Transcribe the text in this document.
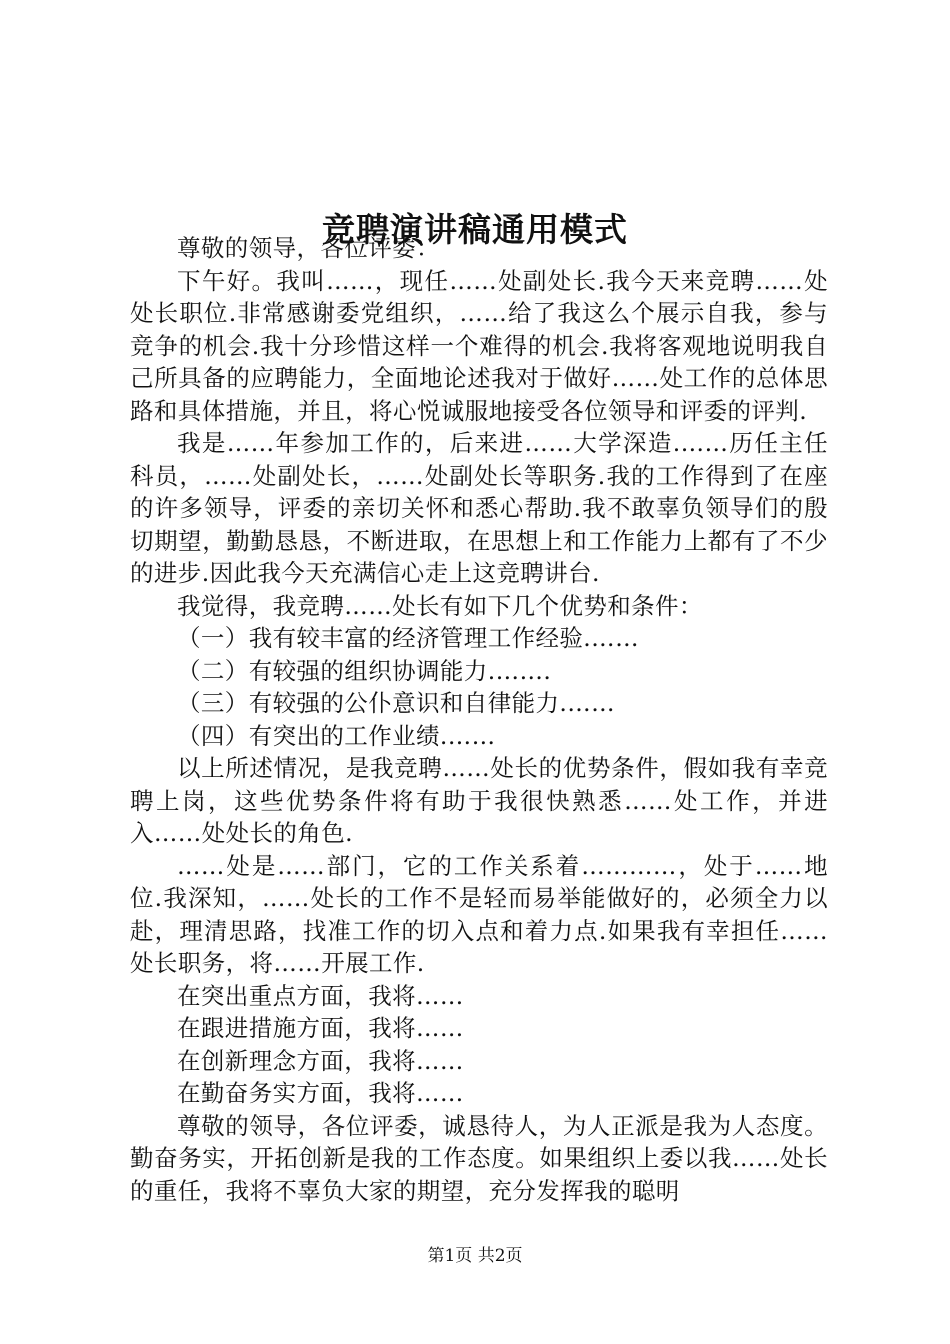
竞聘演讲稿通用模式

尊敬的领导，各位评委：

下午好。我叫……，现任……处副处长.我今天来竞聘……处处长职位.非常感谢委党组织，……给了我这么个展示自我，参与竞争的机会.我十分珍惜这样一个难得的机会.我将客观地说明我自己所具备的应聘能力，全面地论述我对于做好……处工作的总体思路和具体措施，并且，将心悦诚服地接受各位领导和评委的评判.

我是……年参加工作的，后来进……大学深造.……历任主任科员，……处副处长，……处副处长等职务.我的工作得到了在座的许多领导，评委的亲切关怀和悉心帮助.我不敢辜负领导们的殷切期望，勤勤恳恳，不断进取，在思想上和工作能力上都有了不少的进步.因此我今天充满信心走上这竞聘讲台.

我觉得，我竞聘……处长有如下几个优势和条件：

（一）我有较丰富的经济管理工作经验.……

（二）有较强的组织协调能力.…….

（三）有较强的公仆意识和自律能力.……

（四）有突出的工作业绩.……

以上所述情况，是我竞聘……处长的优势条件，假如我有幸竞聘上岗，这些优势条件将有助于我很快熟悉……处工作，并进入……处处长的角色.

……处是……部门，它的工作关系着…………，处于……地位.我深知，……处长的工作不是轻而易举能做好的，必须全力以赴，理清思路，找准工作的切入点和着力点.如果我有幸担任……处长职务，将……开展工作.

在突出重点方面，我将……

在跟进措施方面，我将……

在创新理念方面，我将……

在勤奋务实方面，我将……

尊敬的领导，各位评委，诚恳待人，为人正派是我为人态度。勤奋务实，开拓创新是我的工作态度。如果组织上委以我……处长的重任，我将不辜负大家的期望，充分发挥我的聪明

第1页 共2页
